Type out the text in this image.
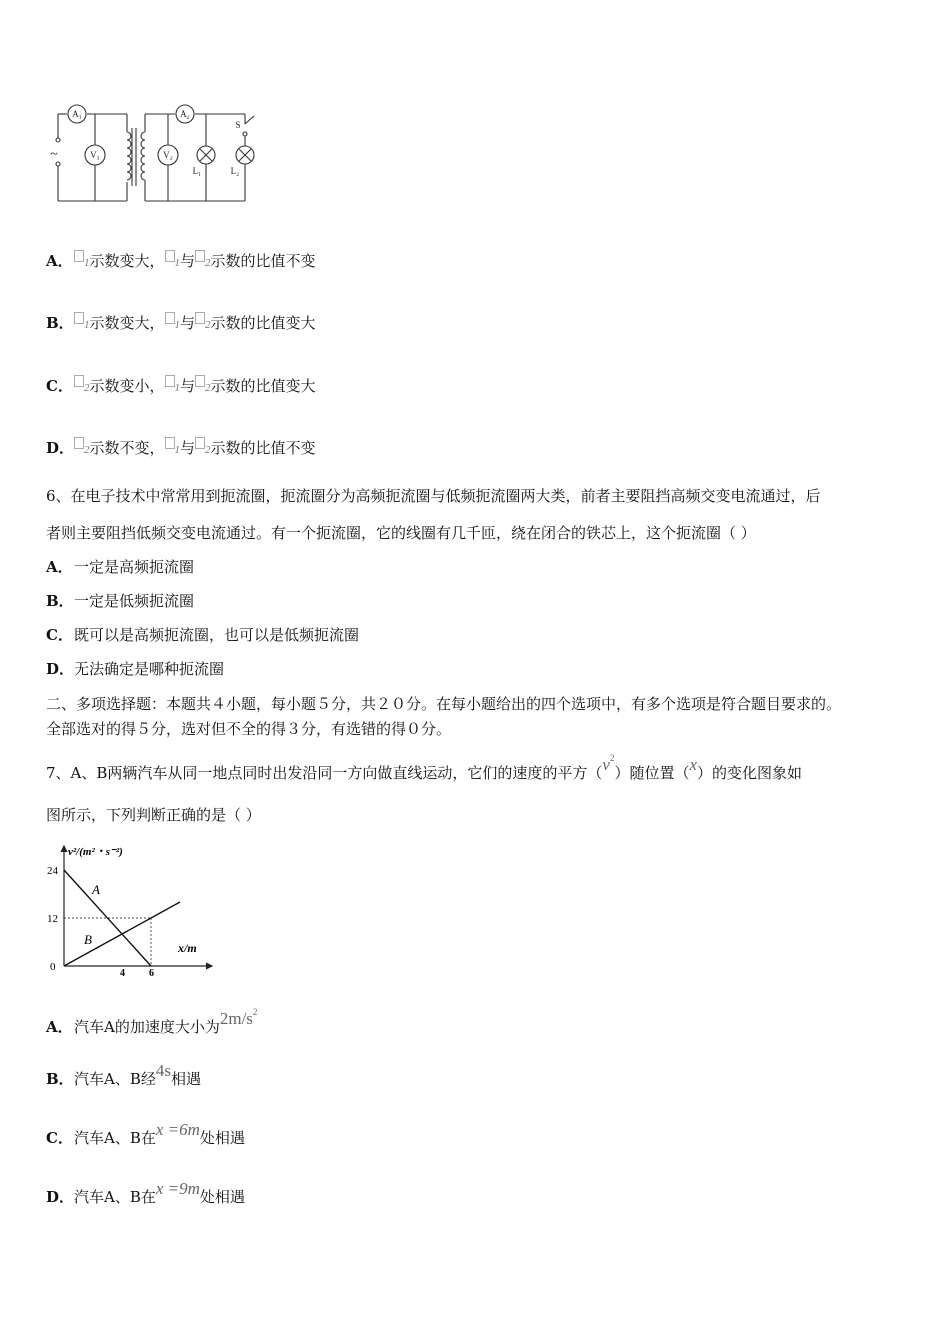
A₁	A₂
V₁	V₂
L₁	L₂
S
~
A． 1示数变大， 1与 2示数的比值不变
B． 1示数变大， 1与 2示数的比值变大
C． 2示数变小， 1与 2示数的比值变大
D． 2示数不变， 1与 2示数的比值不变
6、在电子技术中常常用到扼流圈，扼流圈分为高频扼流圈与低频扼流圈两大类，前者主要阻挡高频交变电流通过，后
者则主要阻挡低频交变电流通过。有一个扼流圈，它的线圈有几千匝，绕在闭合的铁芯上，这个扼流圈（ ）
A．一定是高频扼流圈
B．一定是低频扼流圈
C．既可以是高频扼流圈，也可以是低频扼流圈
D．无法确定是哪种扼流圈
二、多项选择题：本题共４小题，每小题５分，共２０分。在每小题给出的四个选项中，有多个选项是符合题目要求的。
全部选对的得５分，选对但不全的得３分，有选错的得０分。
7、A、B两辆汽车从同一地点同时出发沿同一方向做直线运动，它们的速度的平方$(v^2)$随位置（x）的变化图象如
图所示，下列判断正确的是（ ）
v²/(m²・s⁻²)
x/m
A
B
24
12
0
4 6
A．汽车A的加速度大小为$2m/s^2$
B．汽车A、B经4s相遇
C．汽车A、B在x =6m处相遇
D．汽车A、B在x =9m处相遇
